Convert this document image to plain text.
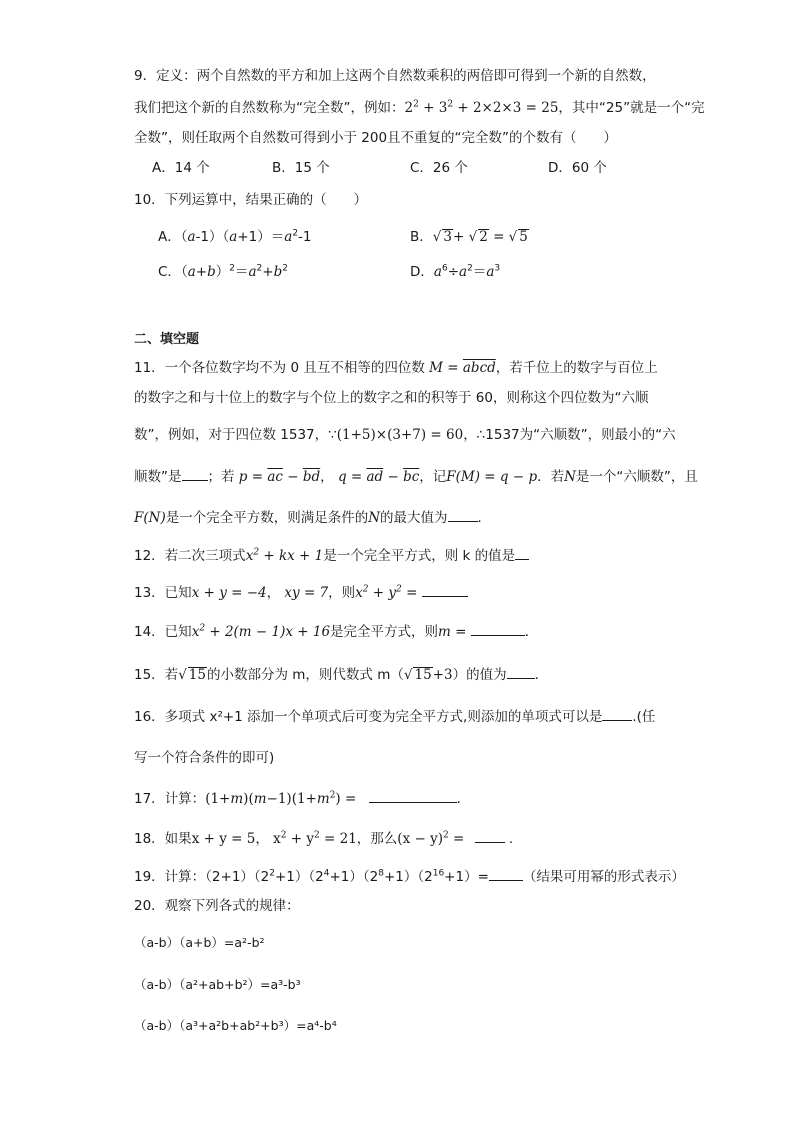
9．定义：两个自然数的平方和加上这两个自然数乘积的两倍即可得到一个新的自然数，
我们把这个新的自然数称为“完全数”，例如：$2^2 + 3^2 + 2\times 2\times 3 = 25$，其中“25”就是一个“完
全数”，则任取两个自然数可得到小于 200且不重复的“完全数”的个数有（　　）
A．14 个	B．15 个	C．26 个	D．60 个
10．下列运算中，结果正确的（　　）
A．$(a-1)(a+1)=a^2-1$	B．√ 3+ √ 2 = √ 5
C．$(a+b)^2=a^2+b^2$	D．$a^6\div a^2=a^3$
二、填空题
11．一个各位数字均不为 0 且互不相等的四位数 M = abcd，若千位上的数字与百位上
的数字之和与十位上的数字与个位上的数字之和的积等于 60，则称这个四位数为“六顺
数”，例如，对于四位数 1537，∵(1+5)×(3+7) = 60，∴1537为“六顺数”，则最小的“六
顺数”是 ；若 $p = \overline{ac} - \overline{bd}$， $q = \overline{ad} - \overline{bc}$，记F(M) = q − p．若N是一个“六顺数”，且
F(N)是一个完全平方数，则满足条件的N的最大值为 ．
12．若二次三项式$x^2$ + kx + 1是一个完全平方式，则 k 的值是
13．已知x + y = −4， xy = 7，则$x^2 + y^2$ =
14．已知$x^2 + 2(m - 1)x + 16$是完全平方式，则m =	．
15．若√ 15的小数部分为 m，则代数式 m（√ 15+3）的值为 ．
16．多项式 x²+1 添加一个单项式后可变为完全平方式,则添加的单项式可以是 .(任
写一个符合条件的即可)
17．计算：$(1+m)(m-1)(1+m^2)$ =	．
18．如果x + y = 5， $x^2 + y^2 = 21$，那么$(x - y)^2$ =	.
19．计算：$(2+1)(2^2+1)(2^4+1)(2^8+1)(2^{16}+1)=$	（结果可用幂的形式表示）
20．观察下列各式的规律：
（a-b）（a+b）=a²-b²
（a-b）（a²+ab+b²）=a³-b³
（a-b）（a³+a²b+ab²+b³）=a⁴-b⁴
